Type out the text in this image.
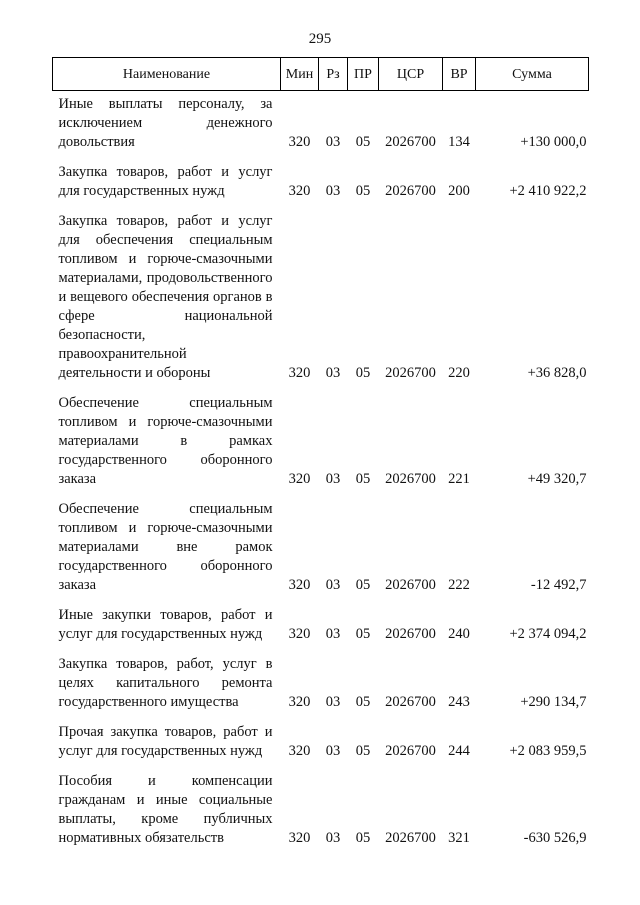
295
Наименование	Мин	Рз	ПР	ЦСР	ВР	Сумма
Иные выплаты персоналу, за исключением денежного довольствия	320	03	05	2026700	134	+130 000,0
Закупка товаров, работ и услуг для государственных нужд	320	03	05	2026700	200	+2 410 922,2
Закупка товаров, работ и услуг для обеспечения специальным топливом и горюче-смазочными материалами, продовольственного и вещевого обеспечения органов в сфере национальной безопасности, правоохранительной деятельности и обороны	320	03	05	2026700	220	+36 828,0
Обеспечение специальным топливом и горюче-смазочными материалами в рамках государственного оборонного заказа	320	03	05	2026700	221	+49 320,7
Обеспечение специальным топливом и горюче-смазочными материалами вне рамок государственного оборонного заказа	320	03	05	2026700	222	-12 492,7
Иные закупки товаров, работ и услуг для государственных нужд	320	03	05	2026700	240	+2 374 094,2
Закупка товаров, работ, услуг в целях капитального ремонта государственного имущества	320	03	05	2026700	243	+290 134,7
Прочая закупка товаров, работ и услуг для государственных нужд	320	03	05	2026700	244	+2 083 959,5
Пособия и компенсации гражданам и иные социальные выплаты, кроме публичных нормативных обязательств	320	03	05	2026700	321	-630 526,9
